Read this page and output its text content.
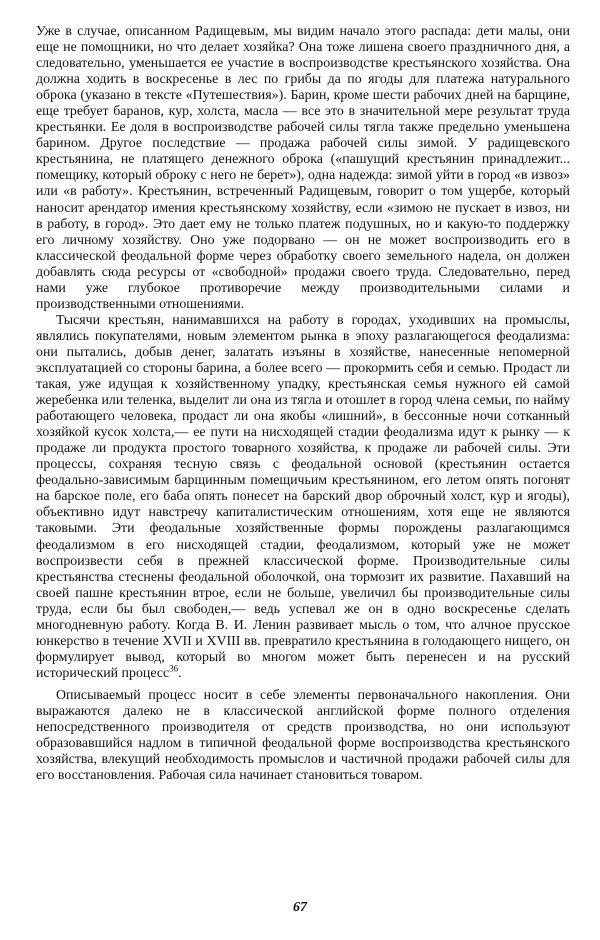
Уже в случае, описанном Радищевым, мы видим начало этого распада: дети малы, они еще не помощники, но что делает хозяйка? Она тоже лишена своего праздничного дня, а следовательно, уменьшается ее участие в воспроизводстве крестьянского хозяйства. Она должна ходить в воскресенье в лес по грибы да по ягоды для платежа натурального оброка (указано в тексте «Путешествия»). Барин, кроме шести рабочих дней на барщине, еще требует баранов, кур, холста, масла — все это в значительной мере результат труда крестьянки. Ее доля в воспроизводстве рабочей силы тягла также предельно уменьшена барином. Другое последствие — продажа рабочей силы зимой. У радищевского крестьянина, не платящего денежного оброка («пашущий крестьянин принадлежит... помещику, который оброку с него не берет»), одна надежда: зимой уйти в город «в извоз» или «в работу». Крестьянин, встреченный Радищевым, говорит о том ущербе, который наносит арендатор имения крестьянскому хозяйству, если «зимою не пускает в извоз, ни в работу, в город». Это дает ему не только платеж подушных, но и какую-то поддержку его личному хозяйству. Оно уже подорвано — он не может воспроизводить его в классической феодальной форме через обработку своего земельного надела, он должен добавлять сюда ресурсы от «свободной» продажи своего труда. Следовательно, перед нами уже глубокое противоречие между производительными силами и производственными отношениями.

Тысячи крестьян, нанимавшихся на работу в городах, уходивших на промыслы, являлись покупателями, новым элементом рынка в эпоху разлагающегося феодализма: они пытались, добыв денег, залатать изъяны в хозяйстве, нанесенные непомерной эксплуатацией со стороны барина, а более всего — прокормить себя и семью. Продаст ли такая, уже идущая к хозяйственному упадку, крестьянская семья нужного ей самой жеребенка или теленка, выделит ли она из тягла и отошлет в город члена семьи, по найму работающего человека, продаст ли она якобы «лишний», в бессонные ночи сотканный хозяйкой кусок холста,— ее пути на нисходящей стадии феодализма идут к рынку — к продаже ли продукта простого товарного хозяйства, к продаже ли рабочей силы. Эти процессы, сохраняя тесную связь с феодальной основой (крестьянин остается феодально-зависимым барщинным помещичьим крестьянином, его летом опять погонят на барское поле, его баба опять понесет на барский двор оброчный холст, кур и ягоды), объективно идут навстречу капиталистическим отношениям, хотя еще не являются таковыми. Эти феодальные хозяйственные формы порождены разлагающимся феодализмом в его нисходящей стадии, феодализмом, который уже не может воспроизвести себя в прежней классической форме. Производительные силы крестьянства стеснены феодальной оболочкой, она тормозит их развитие. Пахавший на своей пашне крестьянин втрое, если не больше, увеличил бы производительные силы труда, если бы был свободен,— ведь успевал же он в одно воскресенье сделать многодневную работу. Когда В. И. Ленин развивает мысль о том, что алчное прусское юнкерство в течение XVII и XVIII вв. превратило крестьянина в голодающего нищего, он формулирует вывод, который во многом может быть перенесен и на русский исторический процесс$^{36}$.

Описываемый процесс носит в себе элементы первоначального накопления. Они выражаются далеко не в классической английской форме полного отделения непосредственного производителя от средств производства, но они используют образовавшийся надлом в типичной феодальной форме воспроизводства крестьянского хозяйства, влекущий необходимость промыслов и частичной продажи рабочей силы для его восстановления. Рабочая сила начинает становиться товаром.

67
